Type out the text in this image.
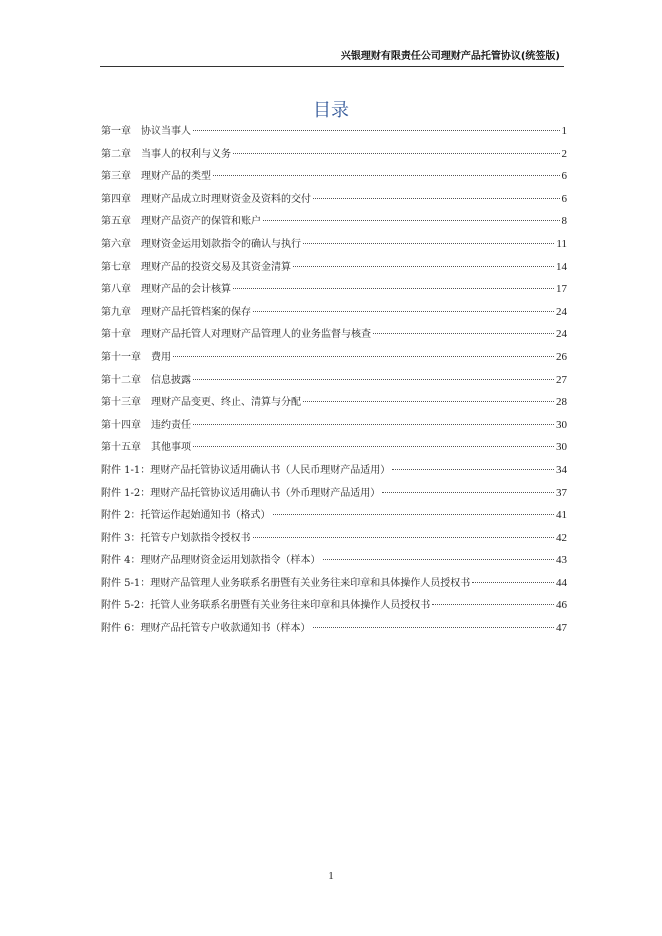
兴银理财有限责任公司理财产品托管协议(统签版)
目录
第一章 协议当事人	1
第二章 当事人的权利与义务	2
第三章 理财产品的类型	6
第四章 理财产品成立时理财资金及资料的交付	6
第五章 理财产品资产的保管和账户	8
第六章 理财资金运用划款指令的确认与执行	11
第七章 理财产品的投资交易及其资金清算	14
第八章 理财产品的会计核算	17
第九章 理财产品托管档案的保存	24
第十章 理财产品托管人对理财产品管理人的业务监督与核查	24
第十一章 费用	26
第十二章 信息披露	27
第十三章 理财产品变更、终止、清算与分配	28
第十四章 违约责任	30
第十五章 其他事项	30
附件 1-1：理财产品托管协议适用确认书（人民币理财产品适用）	34
附件 1-2：理财产品托管协议适用确认书（外币理财产品适用）	37
附件 2：托管运作起始通知书（格式）	41
附件 3：托管专户划款指令授权书	42
附件 4：理财产品理财资金运用划款指令（样本）	43
附件 5-1：理财产品管理人业务联系名册暨有关业务往来印章和具体操作人员授权书	44
附件 5-2：托管人业务联系名册暨有关业务往来印章和具体操作人员授权书	46
附件 6：理财产品托管专户收款通知书（样本）	47
1
